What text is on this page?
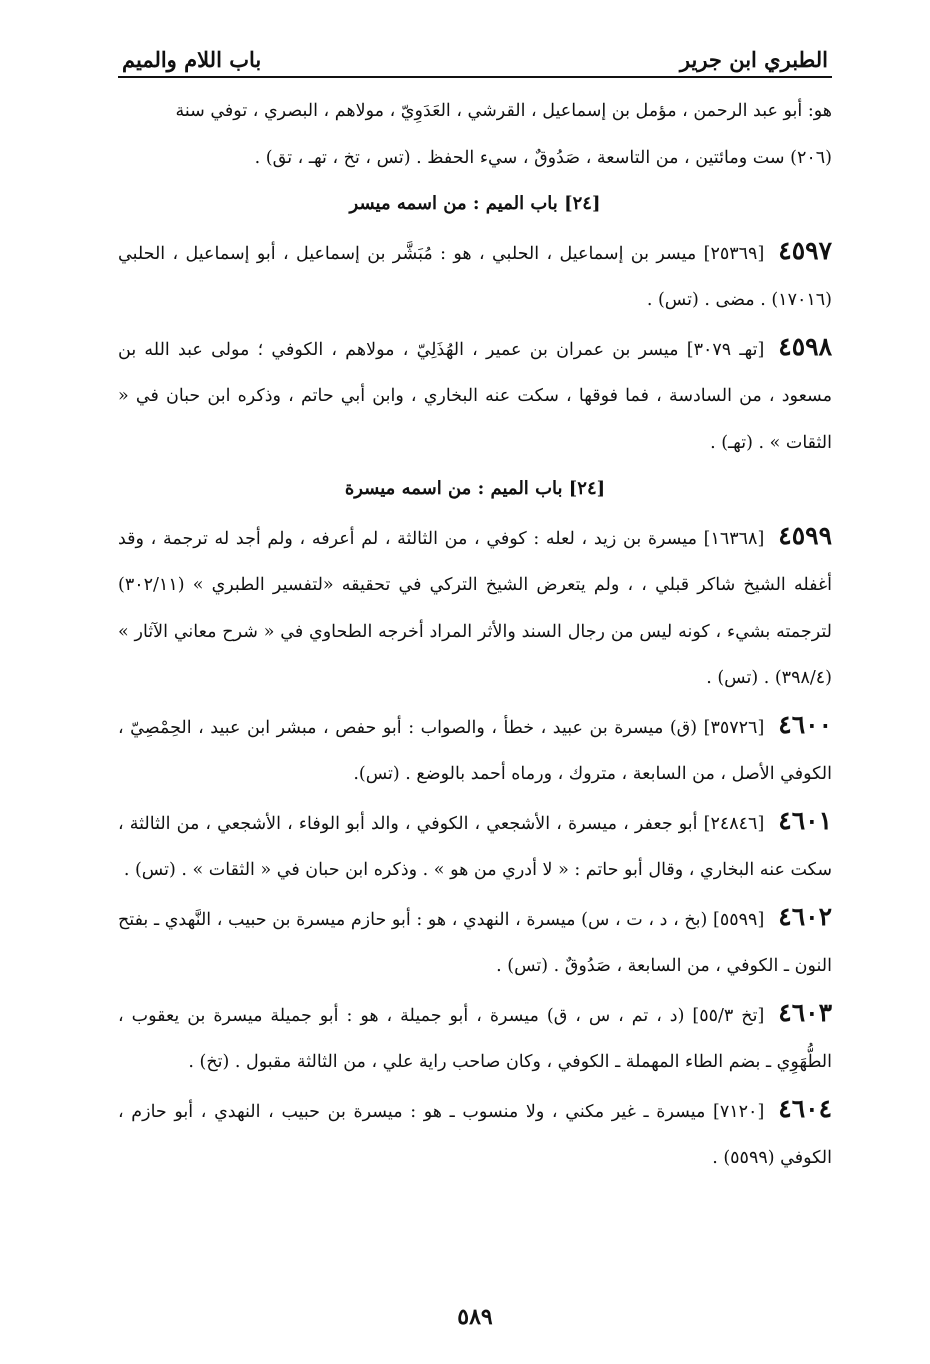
الطبري ابن جرير
باب اللام والميم

هو: أبو عبد الرحمن ، مؤمل بن إسماعيل ، القرشي ، العَدَوِيّ ، مولاهم ، البصري ، توفي سنة

(٢٠٦) ست ومائتين ، من التاسعة ، صَدُوقٌ ، سيء الحفظ . (تس ، تخ ، تهـ ، تق) .

[٢٤] باب الميم : من اسمه ميسر

٤٥٩٧[٢٥٣٦٩] ميسر بن إسماعيل ، الحلبي ، هو : مُبَشَّر بن إسماعيل ، أبو إسماعيل ، الحلبي (١٧٠١٦) . مضى . (تس) .

٤٥٩٨[تهـ ٣٠٧٩] ميسر بن عمران بن عمير ، الهُذَلِيّ ، مولاهم ، الكوفي ؛ مولى عبد الله بن مسعود ، من السادسة ، فما فوقها ، سكت عنه البخاري ، وابن أبي حاتم ، وذكره ابن حبان في « الثقات » . (تهـ) .

[٢٤] باب الميم : من اسمه ميسرة

٤٥٩٩[١٦٣٦٨] ميسرة بن زيد ، لعله : كوفي ، من الثالثة ، لم أعرفه ، ولم أجد له ترجمة ، وقد أغفله الشيخ شاكر قبلي ، ، ولم يتعرض الشيخ التركي في تحقيقه «لتفسير الطبري » (٣٠٢/١١) لترجمته بشيء ، كونه ليس من رجال السند والأثر المراد أخرجه الطحاوي في « شرح معاني الآثار » (٣٩٨/٤) . (تس) .

٤٦٠٠[٣٥٧٢٦] (ق) ميسرة بن عبيد ، خطأ ، والصواب : أبو حفص ، مبشر ابن عبيد ، الحِمْصِيّ ، الكوفي الأصل ، من السابعة ، متروك ، ورماه أحمد بالوضع . (تس).

٤٦٠١[٢٤٨٤٦] أبو جعفر ، ميسرة ، الأشجعي ، الكوفي ، والد أبو الوفاء ، الأشجعي ، من الثالثة ، سكت عنه البخاري ، وقال أبو حاتم : « لا أدري من هو » . وذكره ابن حبان في « الثقات » . (تس) .

٤٦٠٢[٥٥٩٩] (بخ ، د ، ت ، س) ميسرة ، النهدي ، هو : أبو حازم ميسرة بن حبيب ، النَّهدي ـ بفتح النون ـ الكوفي ، من السابعة ، صَدُوقٌ . (تس) .

٤٦٠٣[تخ ٥٥/٣] (د ، تم ، س ، ق) ميسرة ، أبو جميلة ، هو : أبو جميلة ميسرة بن يعقوب ، الطُّهَوِي ـ بضم الطاء المهملة ـ الكوفي ، وكان صاحب راية علي ، من الثالثة مقبول . (تخ) .

٤٦٠٤[٧١٢٠] ميسرة ـ غير مكني ، ولا منسوب ـ هو : ميسرة بن حبيب ، النهدي ، أبو حازم ، الكوفي (٥٥٩٩) .

٥٨٩
